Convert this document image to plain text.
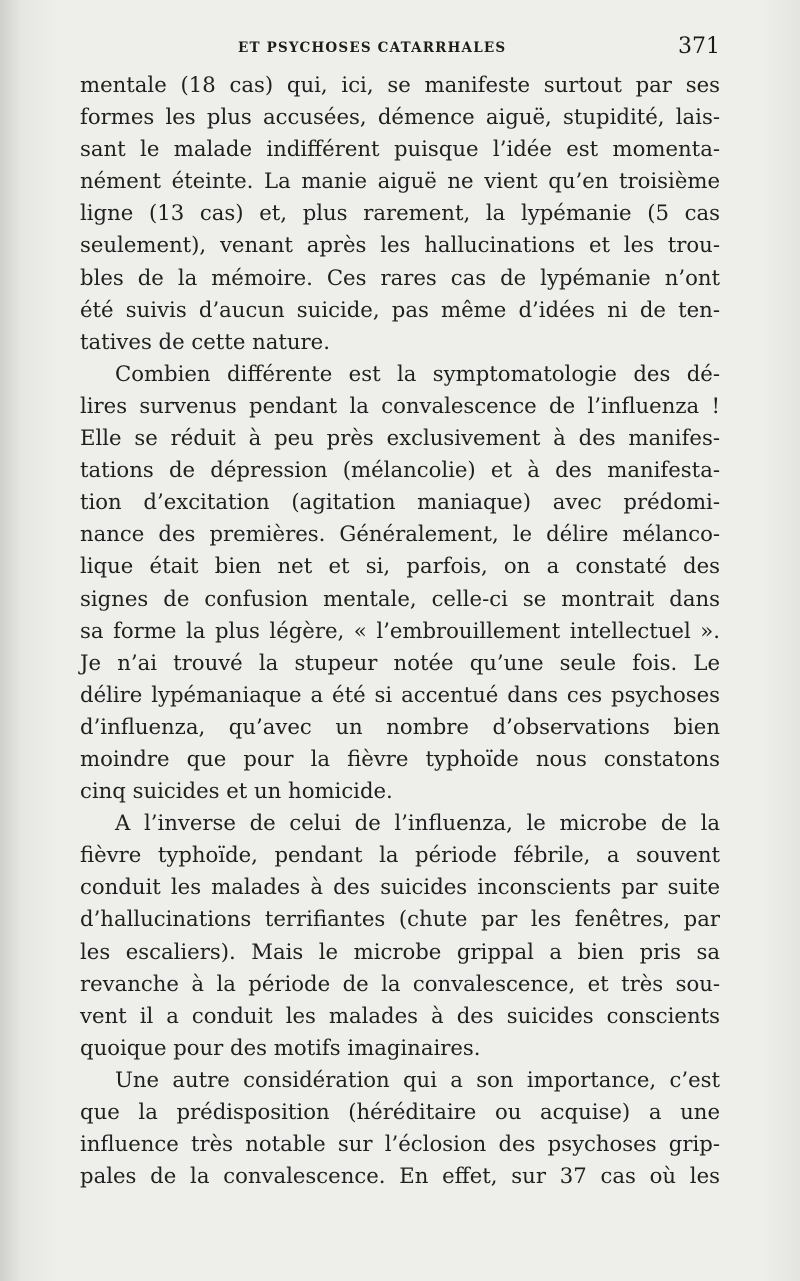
ET PSYCHOSES CATARRHALES	371
mentale (18 cas) qui, ici, se manifeste surtout par ses
formes les plus accusées, démence aiguë, stupidité, lais-
sant le malade indifférent puisque l’idée est momenta-
nément éteinte. La manie aiguë ne vient qu’en troisième
ligne (13 cas) et, plus rarement, la lypémanie (5 cas
seulement), venant après les hallucinations et les trou-
bles de la mémoire. Ces rares cas de lypémanie n’ont
été suivis d’aucun suicide, pas même d’idées ni de ten-
tatives de cette nature.
Combien différente est la symptomatologie des dé-
lires survenus pendant la convalescence de l’influenza !
Elle se réduit à peu près exclusivement à des manifes-
tations de dépression (mélancolie) et à des manifesta-
tion d’excitation (agitation maniaque) avec prédomi-
nance des premières. Généralement, le délire mélanco-
lique était bien net et si, parfois, on a constaté des
signes de confusion mentale, celle-ci se montrait dans
sa forme la plus légère, « l’embrouillement intellectuel ».
Je n’ai trouvé la stupeur notée qu’une seule fois. Le
délire lypémaniaque a été si accentué dans ces psychoses
d’influenza, qu’avec un nombre d’observations bien
moindre que pour la fièvre typhoïde nous constatons
cinq suicides et un homicide.
A l’inverse de celui de l’influenza, le microbe de la
fièvre typhoïde, pendant la période fébrile, a souvent
conduit les malades à des suicides inconscients par suite
d’hallucinations terrifiantes (chute par les fenêtres, par
les escaliers). Mais le microbe grippal a bien pris sa
revanche à la période de la convalescence, et très sou-
vent il a conduit les malades à des suicides conscients
quoique pour des motifs imaginaires.
Une autre considération qui a son importance, c’est
que la prédisposition (héréditaire ou acquise) a une
influence très notable sur l’éclosion des psychoses grip-
pales de la convalescence. En effet, sur 37 cas où les
